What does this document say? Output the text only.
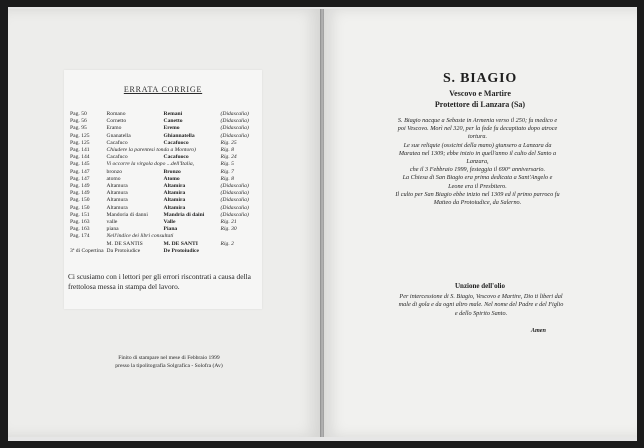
ERRATA CORRIGE
Pag. 50	Romano	Remani	(Didascalia)
Pag. 56	Cornetto	Canetto	(Didascalia)
Pag. 95	Eramo	Eremo	(Didascalia)
Pag. 125	Gnanatella	Ghiannatella	(Didascalia)
Pag. 125	Cacafuco	Cacafuoco	Rig. 25
Pag. 141	Chiudere la parentesi tonda a Montoro)		Rig. 8
Pag. 144	Cacafuco	Cacafuoco	Rig. 24
Pag. 145	Vi occorre la virgola dopo ...dell'Italia,		Rig. 5
Pag. 147	bronzo	Bronzo	Rig. 7
Pag. 147	atomo	Atomo	Rig. 8
Pag. 149	Altamura	Altamira	(Didascalia)
Pag. 149	Altamura	Altamira	(Didascalia)
Pag. 150	Altamura	Altamira	(Didascalia)
Pag. 150	Altamura	Altamira	(Didascalia)
Pag. 151	Mandoria di danni	Mandria di daini	(Didascalia)
Pag. 163	valle	Valle	Rig. 21
Pag. 163	piana	Piana	Rig. 30
Pag. 174	Nell'indice dei libri consultati		
	M. DE SANTIS	M. DE SANTI	Rig. 2
3ª di Copertina	Da Protoiudice	De Protoiudice	
Ci scusiamo con i lettori per gli errori riscontrati a causa della frettolosa messa in stampa del lavoro.
Finito di stampare nel mese di Febbraio 1999
presso la tipolitografia Solgrafica - Solofra (Av)
S. BIAGIO
Vescovo e Martire
Protettore di Lanzara (Sa)

S. Biagio nacque a Sebaste in Armenia verso il 250; fu medico e poi Vescovo. Morì nel 320, per la fede fu decapitato dopo atroce tortura.

Le sue reliquie (ossicini della mano) giunsero a Lanzara da Maratea nel 1309; ebbe inizio in quell'anno il culto del Santo a Lanzara,

che il 3 Febbraio 1999, festeggia il 690° anniversario.

La Chiesa di San Biagio era prima dedicata a Sant'Angelo e Leone era il Presbitero.

Il culto per San Biagio ebbe inizio nel 1309 ed il primo parroco fu Matteo da Protoiudice, da Salerno.

Unzione dell'olio
Per intercessione di S. Biagio, Vescovo e Martire, Dio ti liberi dal male di gola e da ogni altro male. Nel nome del Padre e del Figlio e dello Spirito Santo.
Amen
